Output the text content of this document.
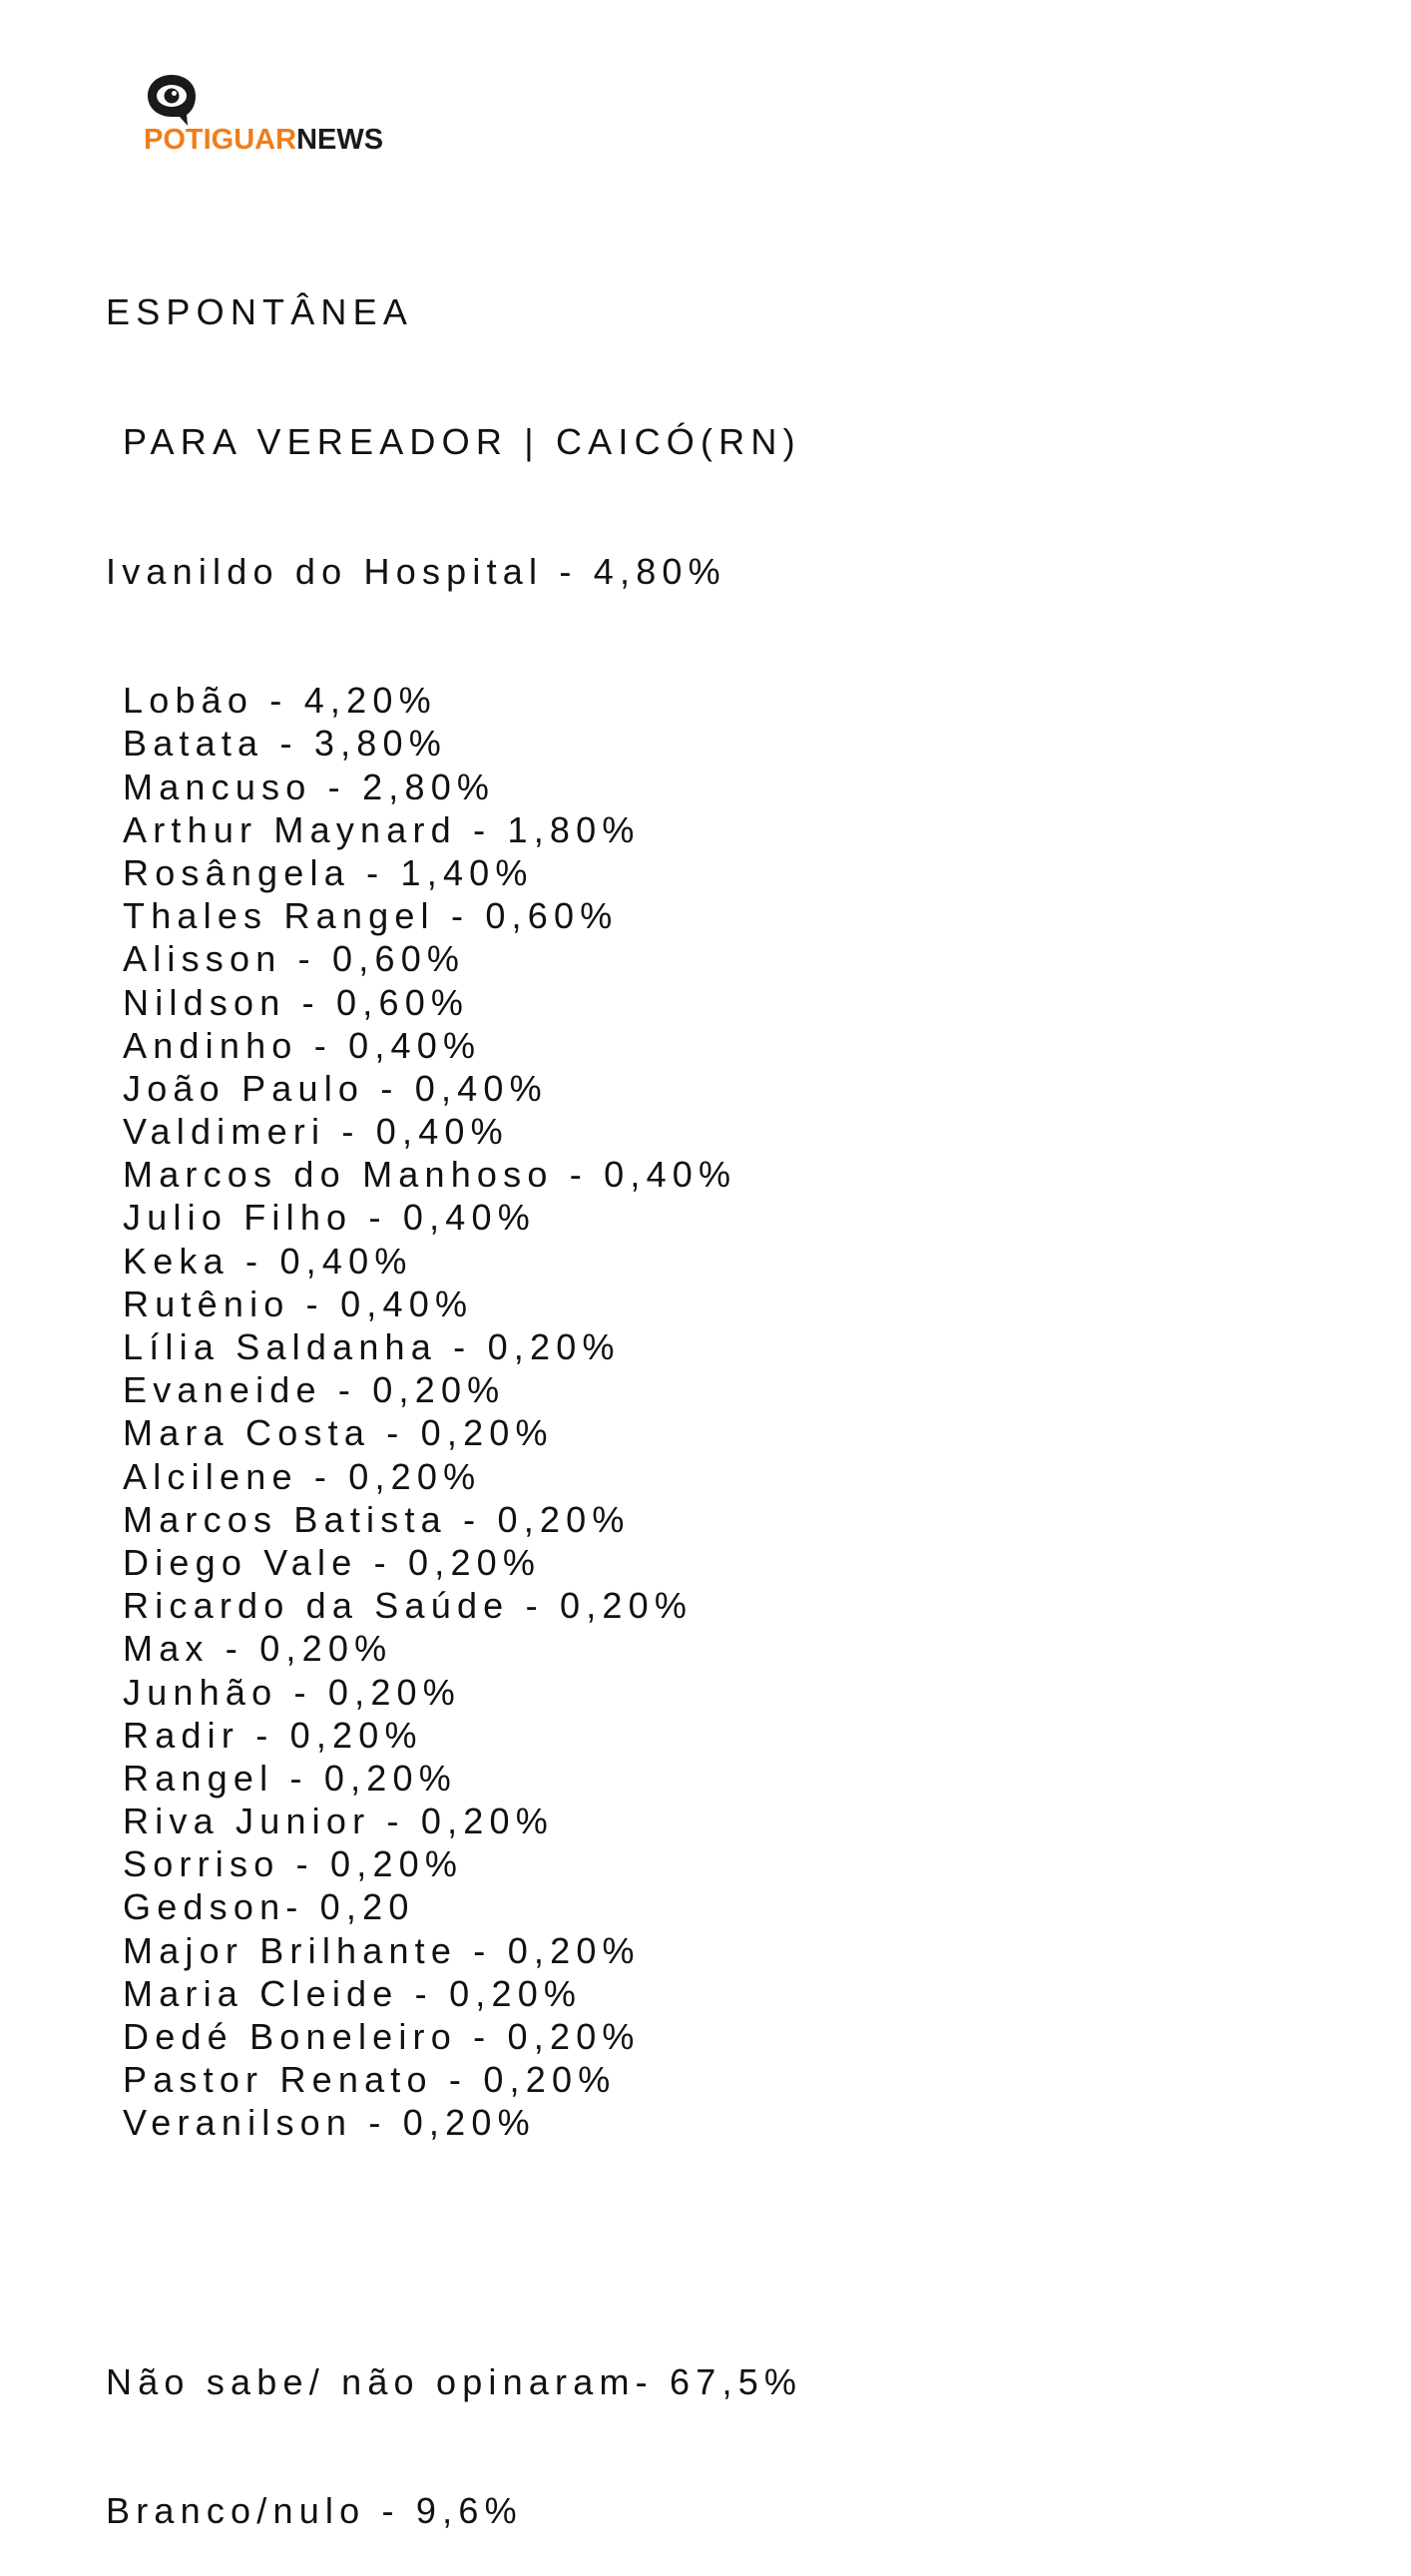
POTIGUARNEWS

ESPONTÂNEA

PARA VEREADOR | CAICÓ(RN)

Ivanildo do Hospital - 4,80%

Lobão - 4,20%
Batata - 3,80%
Mancuso - 2,80%
Arthur Maynard - 1,80%
Rosângela - 1,40%
Thales Rangel - 0,60%
Alisson - 0,60%
Nildson - 0,60%
Andinho - 0,40%
João Paulo - 0,40%
Valdimeri - 0,40%
Marcos do Manhoso - 0,40%
Julio Filho - 0,40%
Keka - 0,40%
Rutênio - 0,40%
Lília Saldanha - 0,20%
Evaneide - 0,20%
Mara Costa - 0,20%
Alcilene - 0,20%
Marcos Batista - 0,20%
Diego Vale - 0,20%
Ricardo da Saúde - 0,20%
Max - 0,20%
Junhão - 0,20%
Radir - 0,20%
Rangel - 0,20%
Riva Junior - 0,20%
Sorriso - 0,20%
Gedson- 0,20
Major Brilhante - 0,20%
Maria Cleide - 0,20%
Dedé Boneleiro - 0,20%
Pastor Renato - 0,20%
Veranilson - 0,20%

Não sabe/ não opinaram- 67,5%

Branco/nulo - 9,6%
